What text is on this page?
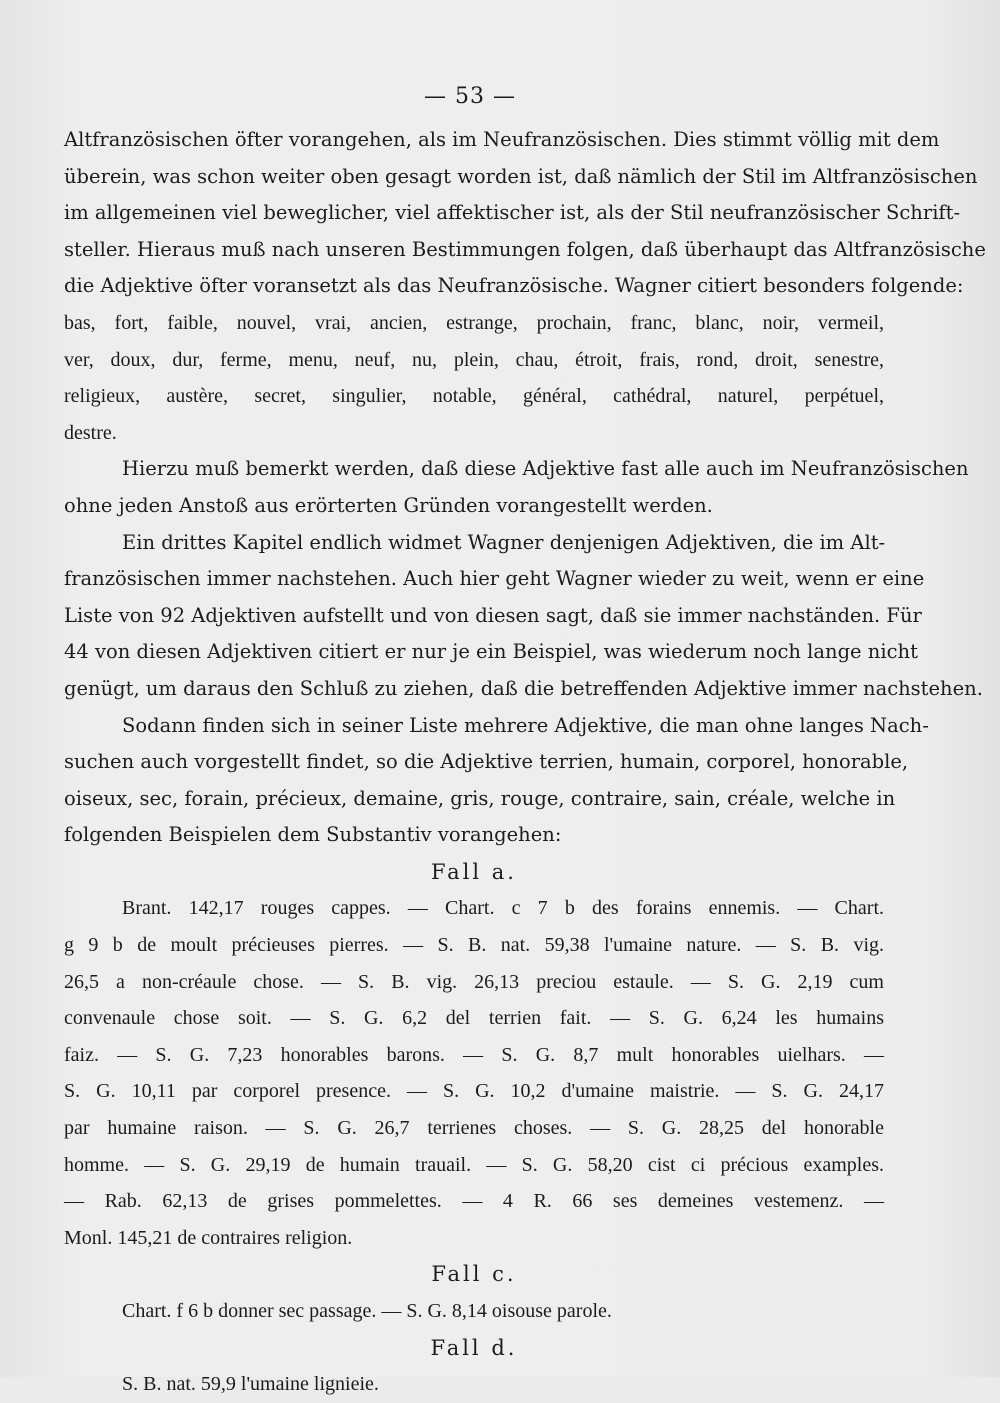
— 53 —
Altfranzösischen öfter vorangehen, als im Neufranzösischen. Dies stimmt völlig mit dem
überein, was schon weiter oben gesagt worden ist, daß nämlich der Stil im Altfranzösischen
im allgemeinen viel beweglicher, viel affektischer ist, als der Stil neufranzösischer Schrift-
steller. Hieraus muß nach unseren Bestimmungen folgen, daß überhaupt das Altfranzösische
die Adjektive öfter voransetzt als das Neufranzösische. Wagner citiert besonders folgende:
bas, fort, faible, nouvel, vrai, ancien, estrange, prochain, franc, blanc, noir, vermeil,
ver, doux, dur, ferme, menu, neuf, nu, plein, chau, étroit, frais, rond, droit, senestre,
religieux, austère, secret, singulier, notable, général, cathédral, naturel, perpétuel,
destre.
Hierzu muß bemerkt werden, daß diese Adjektive fast alle auch im Neufranzösischen
ohne jeden Anstoß aus erörterten Gründen vorangestellt werden.
Ein drittes Kapitel endlich widmet Wagner denjenigen Adjektiven, die im Alt-
französischen immer nachstehen. Auch hier geht Wagner wieder zu weit, wenn er eine
Liste von 92 Adjektiven aufstellt und von diesen sagt, daß sie immer nachständen. Für
44 von diesen Adjektiven citiert er nur je ein Beispiel, was wiederum noch lange nicht
genügt, um daraus den Schluß zu ziehen, daß die betreffenden Adjektive immer nachstehen.
Sodann finden sich in seiner Liste mehrere Adjektive, die man ohne langes Nach-
suchen auch vorgestellt findet, so die Adjektive terrien, humain, corporel, honorable,
oiseux, sec, forain, précieux, demaine, gris, rouge, contraire, sain, créale, welche in
folgenden Beispielen dem Substantiv vorangehen:
Fall a.
Brant. 142,17 rouges cappes. — Chart. c 7 b des forains ennemis. — Chart.
g 9 b de moult précieuses pierres. — S. B. nat. 59,38 l'umaine nature. — S. B. vig.
26,5 a non-créaule chose. — S. B. vig. 26,13 preciou estaule. — S. G. 2,19 cum
convenaule chose soit. — S. G. 6,2 del terrien fait. — S. G. 6,24 les humains
faiz. — S. G. 7,23 honorables barons. — S. G. 8,7 mult honorables uielhars. —
S. G. 10,11 par corporel presence. — S. G. 10,2 d'umaine maistrie. — S. G. 24,17
par humaine raison. — S. G. 26,7 terrienes choses. — S. G. 28,25 del honorable
homme. — S. G. 29,19 de humain trauail. — S. G. 58,20 cist ci précious examples.
— Rab. 62,13 de grises pommelettes. — 4 R. 66 ses demeines vestemenz. —
Monl. 145,21 de contraires religion.
Fall c.
Chart. f 6 b donner sec passage. — S. G. 8,14 oisouse parole.
Fall d.
S. B. nat. 59,9 l'umaine lignieie.
